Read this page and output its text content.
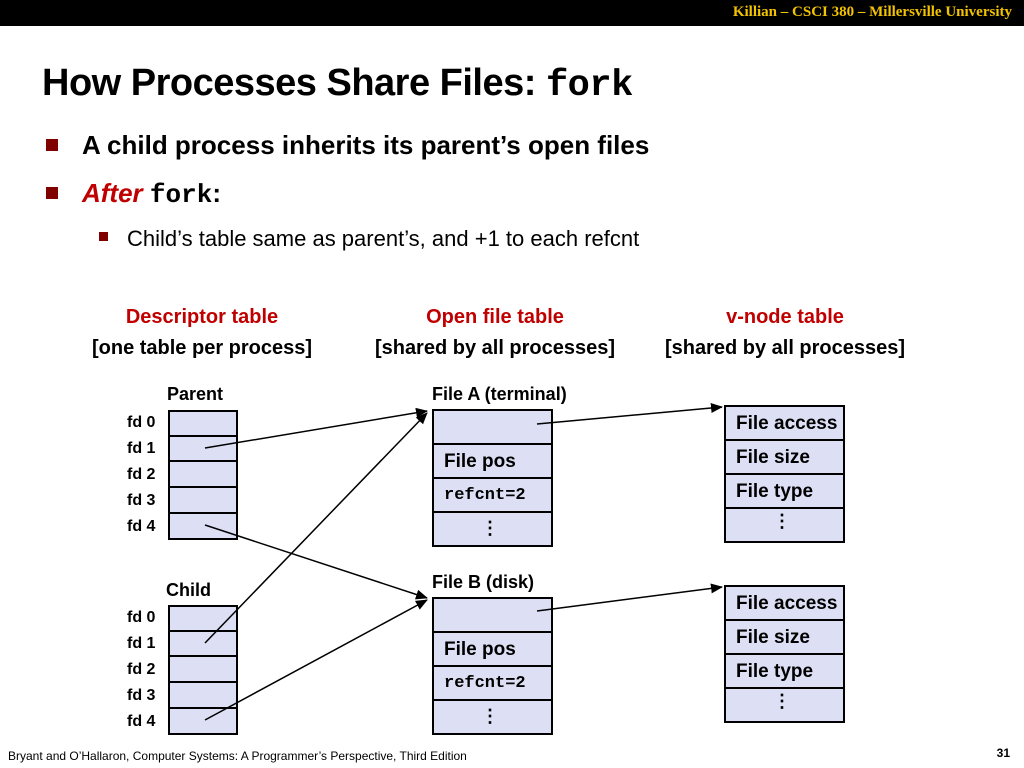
Killian – CSCI 380 – Millersville University
How Processes Share Files: fork
A child process inherits its parent’s open files
After fork:
Child’s table same as parent’s, and +1 to each refcnt
Descriptor table
[one table per process]
Open file table
[shared by all processes]
v-node table
[shared by all processes]
Parent
fd 0
fd 1
fd 2
fd 3
fd 4
Child
fd 0
fd 1
fd 2
fd 3
fd 4
File A (terminal)
File pos
refcnt=2
⋮
File B (disk)
File pos
refcnt=2
⋮
File access
File size
File type
⋮
File access
File size
File type
⋮
Bryant and O’Hallaron, Computer Systems: A Programmer’s Perspective, Third Edition	31
